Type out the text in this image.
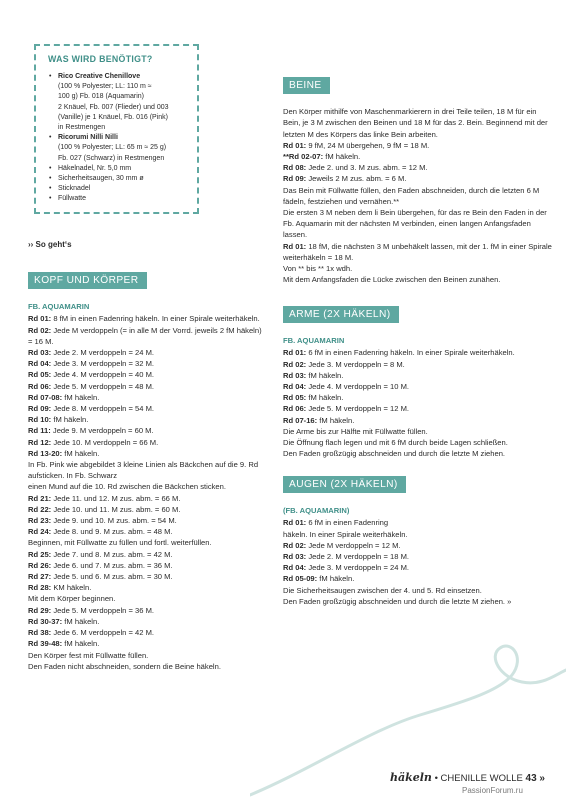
WAS WIRD BENÖTIGT?
• Rico Creative Chenillove
(100 % Polyester; LL: 110 m ≈
100 g) Fb. 018 (Aquamarin)
2 Knäuel, Fb. 007 (Flieder) und 003
(Vanille) je 1 Knäuel, Fb. 016 (Pink)
in Restmengen
• Ricorumi Nilli Nilli
(100 % Polyester; LL: 65 m ≈ 25 g)
Fb. 027 (Schwarz) in Restmengen
• Häkelnadel, Nr. 5,0 mm
• Sicherheitsaugen, 30 mm ø
• Sticknadel
• Füllwatte
›› So geht‘s
KOPF UND KÖRPER
FB. AQUAMARIN
Rd 01: 8 fM in einen Fadenring häkeln. In einer Spirale weiterhäkeln.
Rd 02: Jede M verdoppeln (= in alle M der Vorrd. jeweils 2 fM häkeln) = 16 M.
Rd 03: Jede 2. M verdoppeln = 24 M.
Rd 04: Jede 3. M verdoppeln = 32 M.
Rd 05: Jede 4. M verdoppeln = 40 M.
Rd 06: Jede 5. M verdoppeln = 48 M.
Rd 07-08: fM häkeln.
Rd 09: Jede 8. M verdoppeln = 54 M.
Rd 10: fM häkeln.
Rd 11: Jede 9. M verdoppeln = 60 M.
Rd 12: Jede 10. M verdoppeln = 66 M.
Rd 13-20: fM häkeln.
In Fb. Pink wie abgebildet 3 kleine Linien als Bäckchen auf die 9. Rd aufsticken. In Fb. Schwarz
einen Mund auf die 10. Rd zwischen die Bäckchen sticken.
Rd 21: Jede 11. und 12. M zus. abm. = 66 M.
Rd 22: Jede 10. und 11. M zus. abm. = 60 M.
Rd 23: Jede 9. und 10. M zus. abm. = 54 M.
Rd 24: Jede 8. und 9. M zus. abm. = 48 M.
Beginnen, mit Füllwatte zu füllen und fortl. weiterfüllen.
Rd 25: Jede 7. und 8. M zus. abm. = 42 M.
Rd 26: Jede 6. und 7. M zus. abm. = 36 M.
Rd 27: Jede 5. und 6. M zus. abm. = 30 M.
Rd 28: KM häkeln.
Mit dem Körper beginnen.
Rd 29: Jede 5. M verdoppeln = 36 M.
Rd 30-37: fM häkeln.
Rd 38: Jede 6. M verdoppeln = 42 M.
Rd 39-48: fM häkeln.
Den Körper fest mit Füllwatte füllen.
Den Faden nicht abschneiden, sondern die Beine häkeln.
BEINE
Den Körper mithilfe von Maschenmarkierern in drei Teile teilen, 18 M für ein Bein, je 3 M zwischen den Beinen und 18 M für das 2. Bein. Beginnend mit der letzten M des Körpers das linke Bein arbeiten.
Rd 01: 9 fM, 24 M übergehen, 9 fM = 18 M.
**Rd 02-07: fM häkeln.
Rd 08: Jede 2. und 3. M zus. abm. = 12 M.
Rd 09: Jeweils 2 M zus. abm. = 6 M.
Das Bein mit Füllwatte füllen, den Faden abschneiden, durch die letzten 6 M fädeln, festziehen und vernähen.**
Die ersten 3 M neben dem li Bein übergehen, für das re Bein den Faden in der Fb. Aquamarin mit der nächsten M verbinden, einen langen Anfangsfaden lassen.
Rd 01: 18 fM, die nächsten 3 M unbehäkelt lassen, mit der 1. fM in einer Spirale weiterhäkeln = 18 M.
Von ** bis ** 1x wdh.
Mit dem Anfangsfaden die Lücke zwischen den Beinen zunähen.
ARME (2X HÄKELN)
FB. AQUAMARIN
Rd 01: 6 fM in einen Fadenring häkeln. In einer Spirale weiterhäkeln.
Rd 02: Jede 3. M verdoppeln = 8 M.
Rd 03: fM häkeln.
Rd 04: Jede 4. M verdoppeln = 10 M.
Rd 05: fM häkeln.
Rd 06: Jede 5. M verdoppeln = 12 M.
Rd 07-16: fM häkeln.
Die Arme bis zur Hälfte mit Füllwatte füllen.
Die Öffnung flach legen und mit 6 fM durch beide Lagen schließen.
Den Faden großzügig abschneiden und durch die letzte M ziehen.
AUGEN (2X HÄKELN)
(FB. AQUAMARIN)
Rd 01: 6 fM in einen Fadenring
häkeln. In einer Spirale weiterhäkeln.
Rd 02: Jede M verdoppeln = 12 M.
Rd 03: Jede 2. M verdoppeln = 18 M.
Rd 04: Jede 3. M verdoppeln = 24 M.
Rd 05-09: fM häkeln.
Die Sicherheitsaugen zwischen der 4. und 5. Rd einsetzen.
Den Faden großzügig abschneiden und durch die letzte M ziehen. »
häkeln • CHENILLE WOLLE 43 »
PassionForum.ru
